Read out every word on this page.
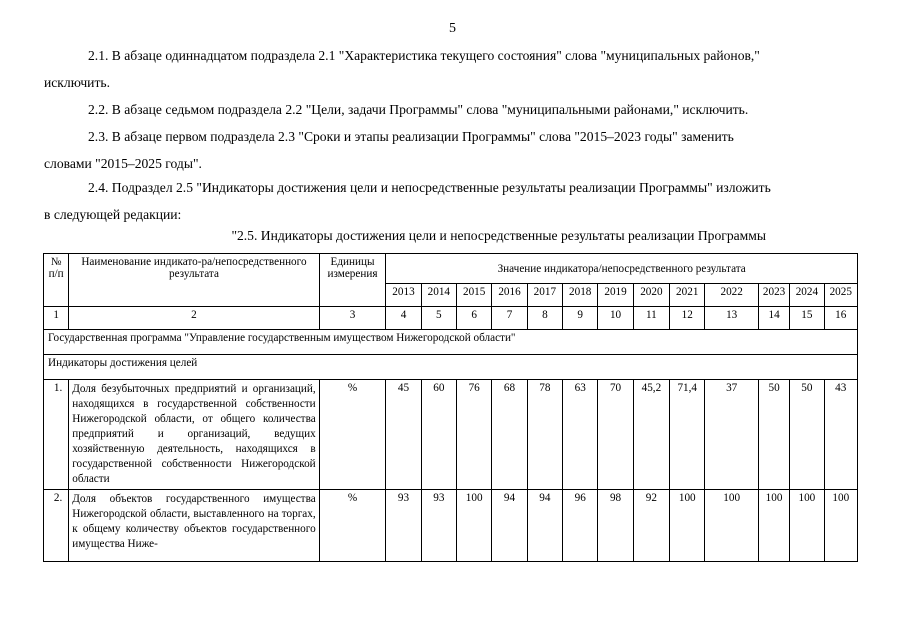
5
2.1. В абзаце одиннадцатом подраздела 2.1 "Характеристика текущего состояния" слова "муниципальных районов,"
исключить.
2.2. В абзаце седьмом подраздела 2.2 "Цели, задачи Программы" слова "муниципальными районами," исключить.
2.3. В абзаце первом подраздела 2.3 "Сроки и этапы реализации Программы" слова "2015–2023 годы" заменить
словами "2015–2025 годы".
2.4. Подраздел 2.5 "Индикаторы достижения цели и непосредственные результаты реализации Программы" изложить
в следующей редакции:
"2.5. Индикаторы достижения цели и непосредственные результаты реализации Программы
№ п/п	Наименование индикато-ра/непосредственного результата	Единицы измерения	Значение индикатора/непосредственного результата												
			2013	2014	2015	2016	2017	2018	2019	2020	2021	2022	2023	2024	2025
1	2	3	4	5	6	7	8	9	10	11	12	13	14	15	16
Государственная программа "Управление государственным имуществом Нижегородской области"															
Индикаторы достижения целей															
1.	Доля безубыточных предприятий и организаций, находящихся в государственной собственности Нижегородской области, от общего количества предприятий и организаций, ведущих хозяйственную деятельность, находящихся в государственной собственности Нижегородской области	%	45	60	76	68	78	63	70	45,2	71,4	37	50	50	43
2.	Доля объектов государственного имущества Нижегородской области, выставленного на торгах, к общему количеству объектов государственного имущества Ниже-	%	93	93	100	94	94	96	98	92	100	100	100	100	100
